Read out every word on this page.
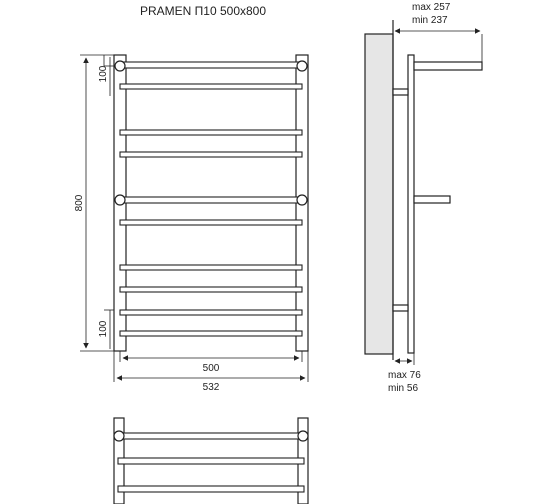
PRAMEN П10 500x800
800
100
100
500
532
max 257
min 237
max 76
min 56
